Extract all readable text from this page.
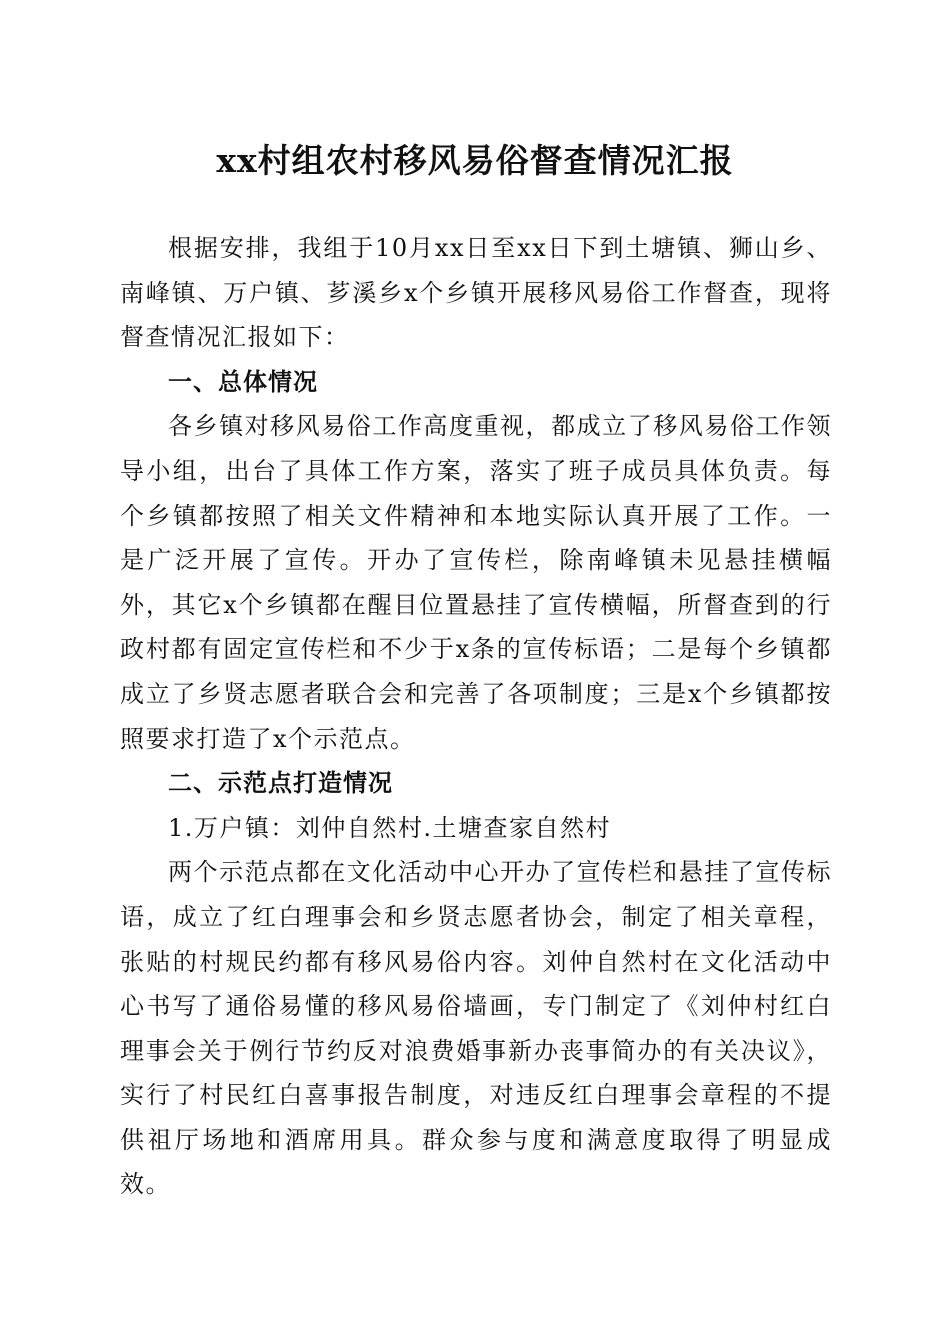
xx村组农村移风易俗督查情况汇报

根据安排，我组于10月xx日至xx日下到土塘镇、狮山乡、南峰镇、万户镇、芗溪乡x个乡镇开展移风易俗工作督查，现将督查情况汇报如下：

一、总体情况

各乡镇对移风易俗工作高度重视，都成立了移风易俗工作领导小组，出台了具体工作方案，落实了班子成员具体负责。每个乡镇都按照了相关文件精神和本地实际认真开展了工作。一是广泛开展了宣传。开办了宣传栏，除南峰镇未见悬挂横幅外，其它x个乡镇都在醒目位置悬挂了宣传横幅，所督查到的行政村都有固定宣传栏和不少于x条的宣传标语；二是每个乡镇都成立了乡贤志愿者联合会和完善了各项制度；三是x个乡镇都按照要求打造了x个示范点。

二、示范点打造情况

1.万户镇：刘仲自然村.土塘查家自然村

两个示范点都在文化活动中心开办了宣传栏和悬挂了宣传标语，成立了红白理事会和乡贤志愿者协会，制定了相关章程，张贴的村规民约都有移风易俗内容。刘仲自然村在文化活动中心书写了通俗易懂的移风易俗墙画，专门制定了《刘仲村红白理事会关于例行节约反对浪费婚事新办丧事简办的有关决议》，实行了村民红白喜事报告制度，对违反红白理事会章程的不提供祖厅场地和酒席用具。群众参与度和满意度取得了明显成效。
